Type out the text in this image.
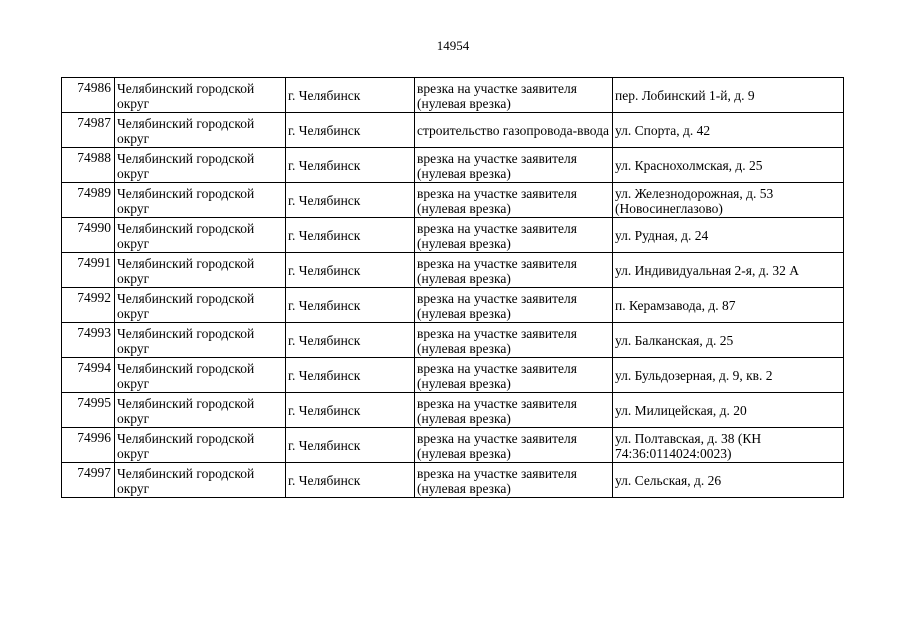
14954
74986	Челябинский городской округ	г. Челябинск	врезка на участке заявителя (нулевая врезка)	пер. Лобинский 1-й, д. 9
74987	Челябинский городской округ	г. Челябинск	строительство газопровода-ввода	ул. Спорта, д. 42
74988	Челябинский городской округ	г. Челябинск	врезка на участке заявителя (нулевая врезка)	ул. Краснохолмская, д. 25
74989	Челябинский городской округ	г. Челябинск	врезка на участке заявителя (нулевая врезка)	ул. Железнодорожная, д. 53 (Новосинеглазово)
74990	Челябинский городской округ	г. Челябинск	врезка на участке заявителя (нулевая врезка)	ул. Рудная, д. 24
74991	Челябинский городской округ	г. Челябинск	врезка на участке заявителя (нулевая врезка)	ул. Индивидуальная 2-я, д. 32 А
74992	Челябинский городской округ	г. Челябинск	врезка на участке заявителя (нулевая врезка)	п. Керамзавода, д. 87
74993	Челябинский городской округ	г. Челябинск	врезка на участке заявителя (нулевая врезка)	ул. Балканская, д. 25
74994	Челябинский городской округ	г. Челябинск	врезка на участке заявителя (нулевая врезка)	ул. Бульдозерная, д. 9, кв. 2
74995	Челябинский городской округ	г. Челябинск	врезка на участке заявителя (нулевая врезка)	ул. Милицейская, д. 20
74996	Челябинский городской округ	г. Челябинск	врезка на участке заявителя (нулевая врезка)	ул. Полтавская, д. 38 (КН 74:36:0114024:0023)
74997	Челябинский городской округ	г. Челябинск	врезка на участке заявителя (нулевая врезка)	ул. Сельская, д. 26
